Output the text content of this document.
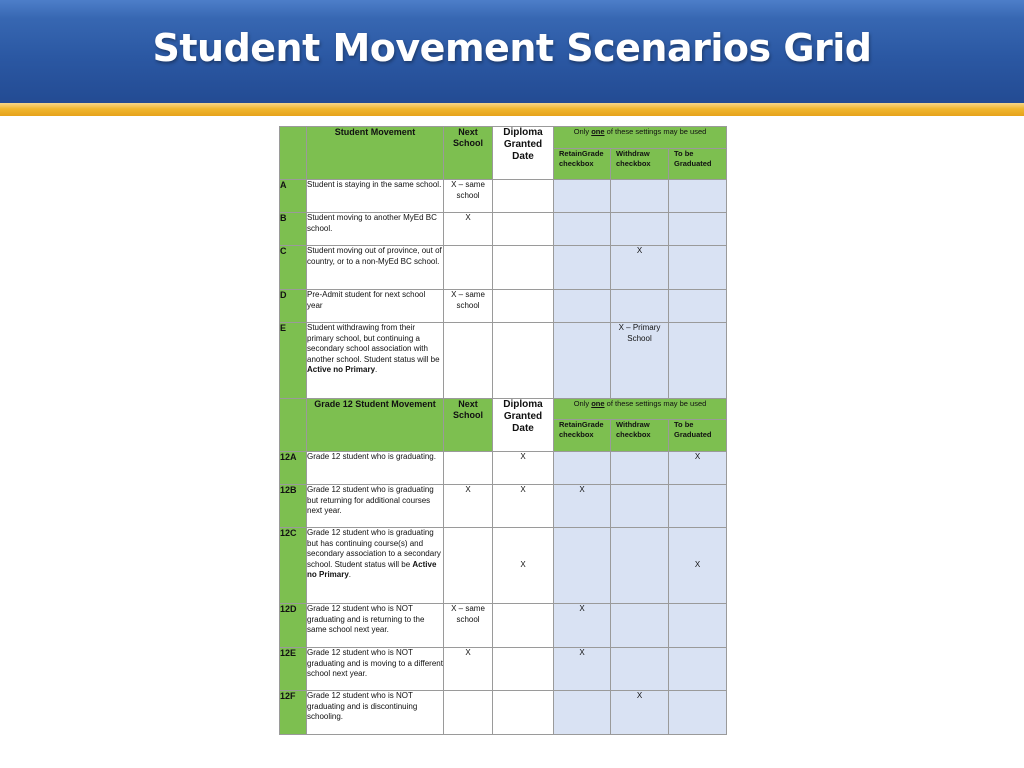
Student Movement Scenarios Grid
	Student Movement	Next School	Diploma Granted Date	Only one of these settings may be used		
				RetainGrade checkbox	Withdraw checkbox	To be Graduated
A	Student is staying in the same school.	X – same school				
B	Student moving to another MyEd BC school.	X				
C	Student moving out of province, out of country, or to a non-MyEd BC school.				X	
D	Pre-Admit student for next school year	X – same school				
E	Student withdrawing from their primary school, but continuing a secondary school association with another school. Student status will be Active no Primary.				X – Primary School	
	Grade 12 Student Movement	Next School	Diploma Granted Date	Only one of these settings may be used		
				RetainGrade checkbox	Withdraw checkbox	To be Graduated
12A	Grade 12 student who is graduating.		X			X
12B	Grade 12 student who is graduating but returning for additional courses next year.	X	X	X		
12C	Grade 12 student who is graduating but has continuing course(s) and secondary association to a secondary school. Student status will be Active no Primary.		X			X
12D	Grade 12 student who is NOT graduating and is returning to the same school next year.	X – same school		X		
12E	Grade 12 student who is NOT graduating and is moving to a different school next year.	X		X		
12F	Grade 12 student who is NOT graduating and is discontinuing schooling.				X	
